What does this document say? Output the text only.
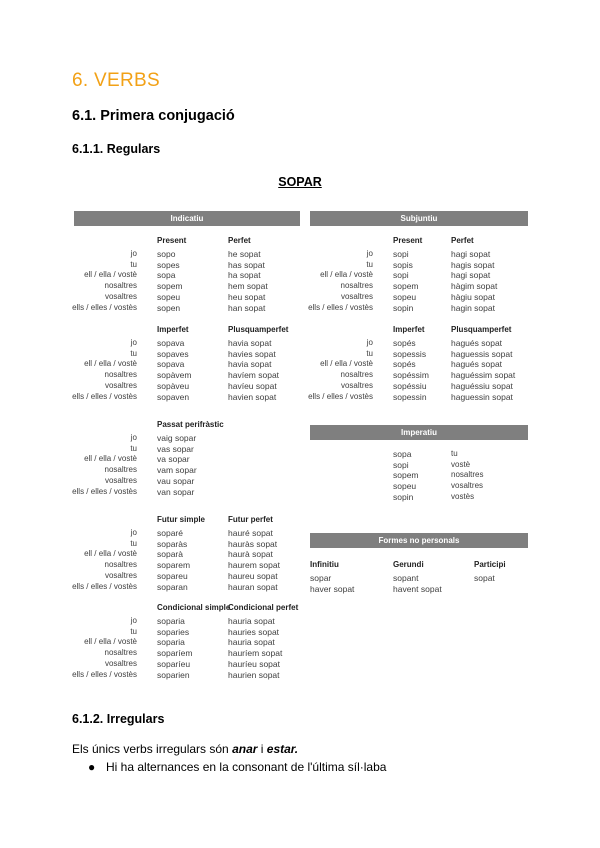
6. VERBS
6.1. Primera conjugació
6.1.1. Regulars
SOPAR
Indicatiu	Subjuntiu
Imperatiu
Formes no personals
6.1.2. Irregulars
Els únics verbs irregulars són anar i estar.
● Hi ha alternances en la consonant de l'última síl·laba
Present	Perfet
jo sopo	he sopat
tu sopes	has sopat
ell / ella / vostè sopa	ha sopat
nosaltres sopem	hem sopat
vosaltres sopeu	heu sopat
ells / elles / vostès sopen	han sopat
Imperfet	Plusquamperfet
jo sopava	havia sopat
tu sopaves	havies sopat
ell / ella / vostè sopava	havia sopat
nosaltres sopàvem	havíem sopat
vosaltres sopàveu	havíeu sopat
ells / elles / vostès sopaven	havien sopat
Passat perifràstic
jo vaig sopar
tu vas sopar
ell / ella / vostè va sopar
nosaltres vam sopar
vosaltres vau sopar
ells / elles / vostès van sopar
Futur simple	Futur perfet
jo soparé	hauré sopat
tu soparàs	hauràs sopat
ell / ella / vostè soparà	haurà sopat
nosaltres soparem	haurem sopat
vosaltres sopareu	haureu sopat
ells / elles / vostès soparan	hauran sopat
Condicional simple
Condicional perfet
jo soparia	hauria sopat
tu soparies	hauries sopat
ell / ella / vostè soparia	hauria sopat
nosaltres soparíem	hauríem sopat
vosaltres soparíeu	hauríeu sopat
ells / elles / vostès soparien	haurien sopat
Present	Perfet
jo sopi	hagi sopat
tu sopis	hagis sopat
ell / ella / vostè sopi	hagi sopat
nosaltres sopem	hàgim sopat
vosaltres sopeu	hàgiu sopat
ells / elles / vostès sopin	hagin sopat
Imperfet	Plusquamperfet
jo sopés	hagués sopat
tu sopessis	haguessis sopat
ell / ella / vostè sopés	hagués sopat
nosaltres sopéssim	haguéssim sopat
vosaltres sopéssiu	haguéssiu sopat
ells / elles / vostès sopessin	haguessin sopat
sopa	tu
sopi	vostè
sopem	nosaltres
sopeu	vosaltres
sopin	vostès
Infinitiu
sopar
haver sopat
Gerundi
sopant
havent sopat
Participi
sopat
